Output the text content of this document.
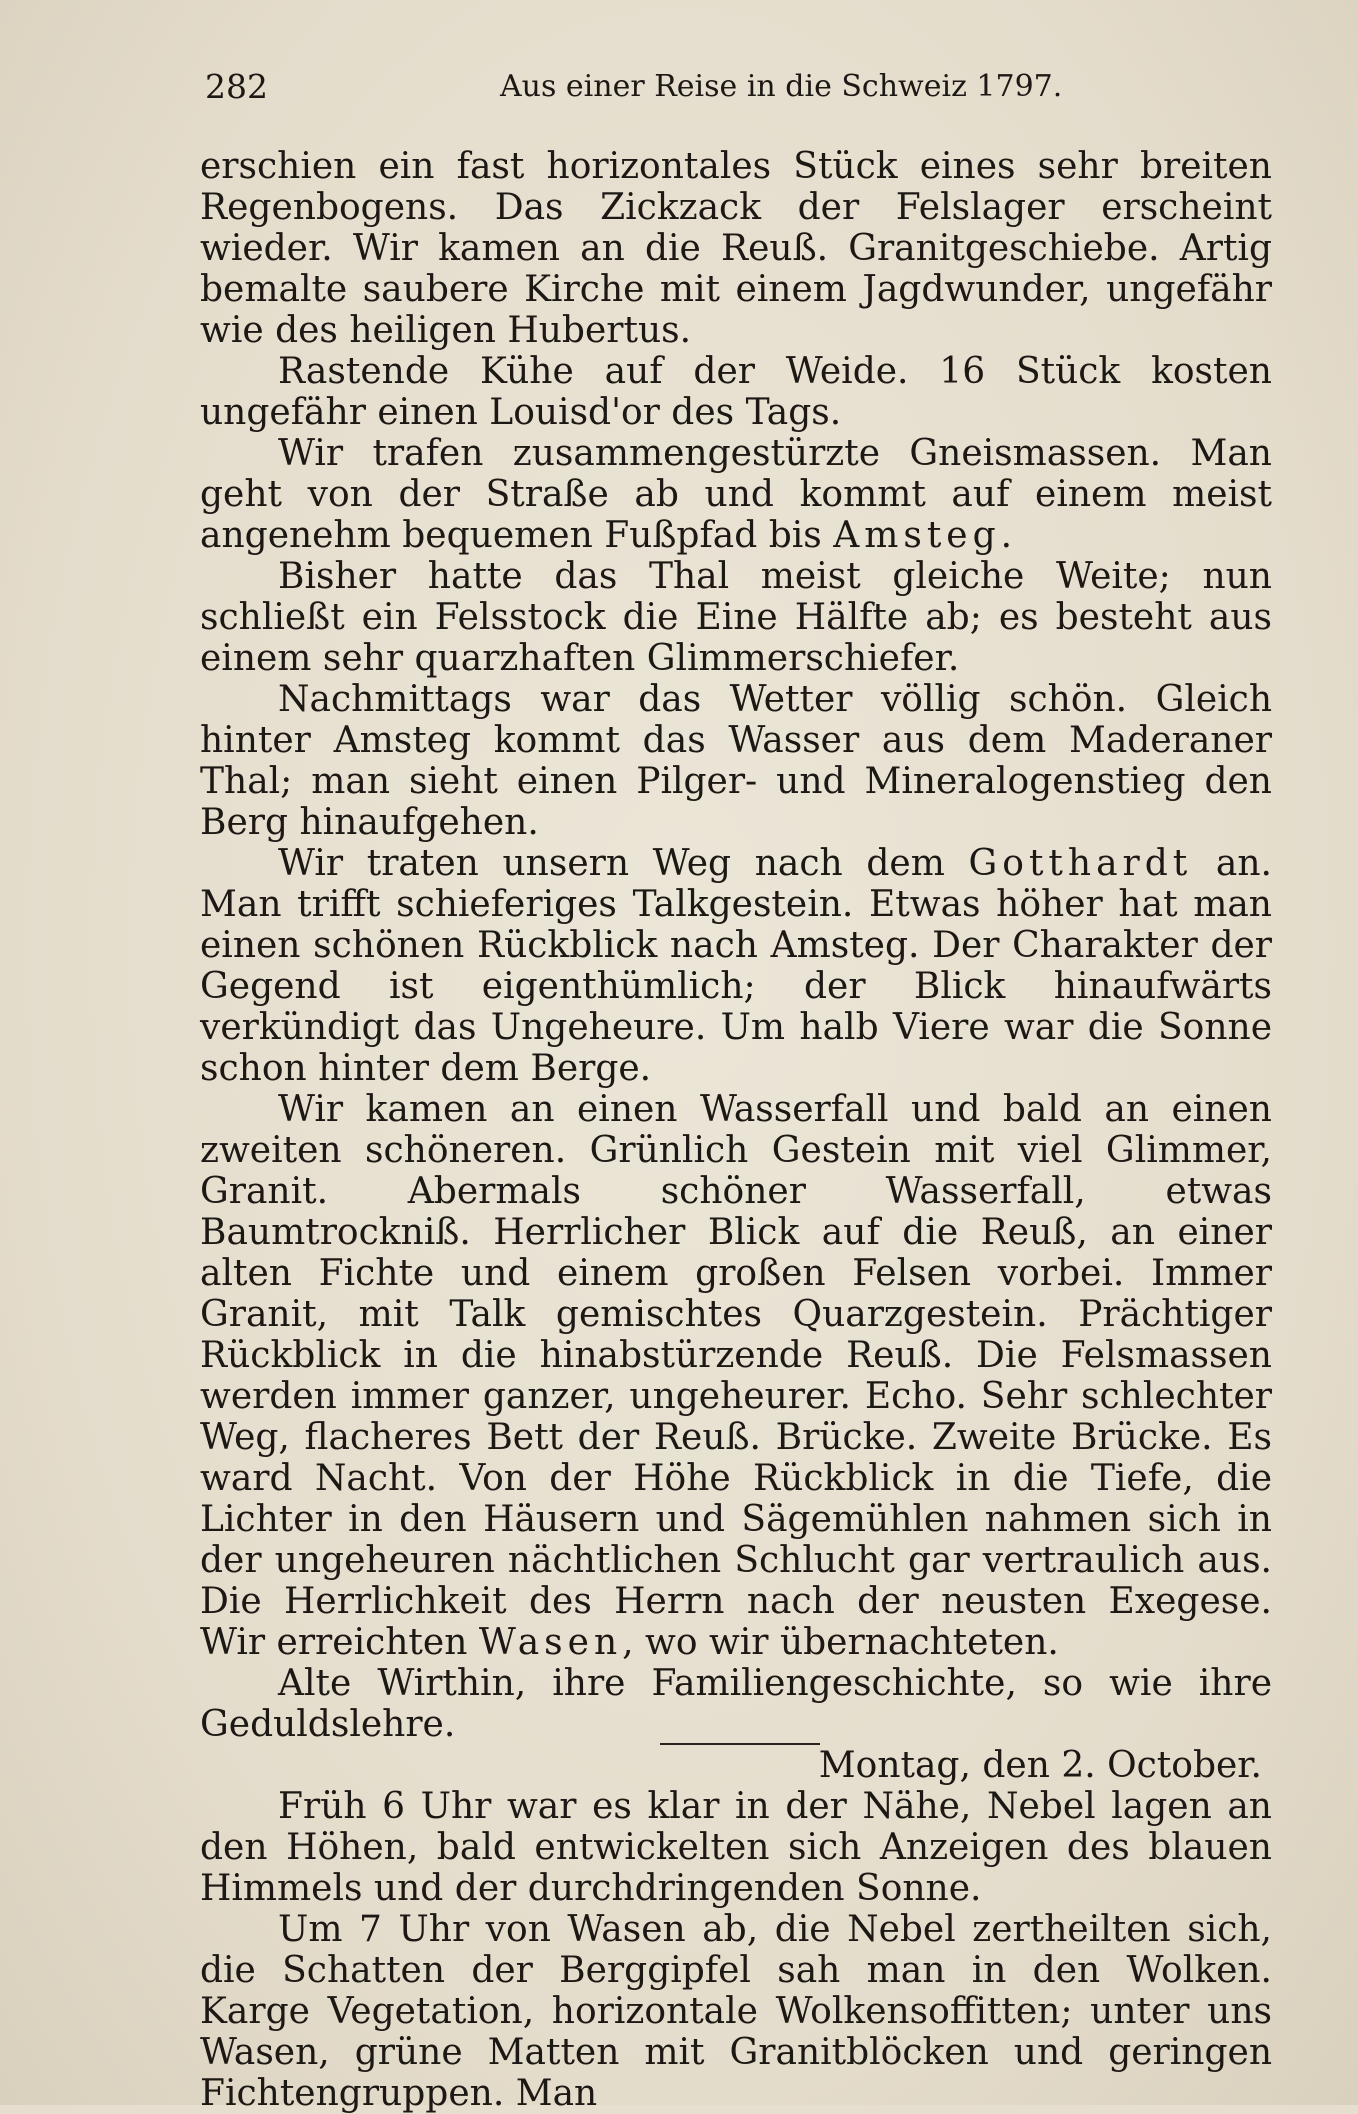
282	Aus einer Reise in die Schweiz 1797.

erschien ein fast horizontales Stück eines sehr breiten Regenbogens. Das Zickzack der Felslager erscheint wieder. Wir kamen an die Reuß. Granitgeschiebe. Artig bemalte saubere Kirche mit einem Jagdwunder, ungefähr wie des heiligen Hubertus.

Rastende Kühe auf der Weide. 16 Stück kosten ungefähr einen Louisd'or des Tags.

Wir trafen zusammengestürzte Gneismassen. Man geht von der Straße ab und kommt auf einem meist angenehm bequemen Fußpfad bis Amsteg.

Bisher hatte das Thal meist gleiche Weite; nun schließt ein Felsstock die Eine Hälfte ab; es besteht aus einem sehr quarzhaften Glimmerschiefer.

Nachmittags war das Wetter völlig schön. Gleich hinter Amsteg kommt das Wasser aus dem Maderaner Thal; man sieht einen Pilger- und Mineralogenstieg den Berg hinaufgehen.

Wir traten unsern Weg nach dem Gotthardt an. Man trifft schieferiges Talkgestein. Etwas höher hat man einen schönen Rückblick nach Amsteg. Der Charakter der Gegend ist eigenthümlich; der Blick hinaufwärts verkündigt das Ungeheure. Um halb Viere war die Sonne schon hinter dem Berge.

Wir kamen an einen Wasserfall und bald an einen zweiten schöneren. Grünlich Gestein mit viel Glimmer, Granit. Abermals schöner Wasserfall, etwas Baumtrockniß. Herrlicher Blick auf die Reuß, an einer alten Fichte und einem großen Felsen vorbei. Immer Granit, mit Talk gemischtes Quarzgestein. Prächtiger Rückblick in die hinabstürzende Reuß. Die Felsmassen werden immer ganzer, ungeheurer. Echo. Sehr schlechter Weg, flacheres Bett der Reuß. Brücke. Zweite Brücke. Es ward Nacht. Von der Höhe Rückblick in die Tiefe, die Lichter in den Häusern und Sägemühlen nahmen sich in der ungeheuren nächtlichen Schlucht gar vertraulich aus. Die Herrlichkeit des Herrn nach der neusten Exegese. Wir erreichten Wasen, wo wir übernachteten.

Alte Wirthin, ihre Familiengeschichte, so wie ihre Geduldslehre.

Montag, den 2. October.

Früh 6 Uhr war es klar in der Nähe, Nebel lagen an den Höhen, bald entwickelten sich Anzeigen des blauen Himmels und der durchdringenden Sonne.

Um 7 Uhr von Wasen ab, die Nebel zertheilten sich, die Schatten der Berggipfel sah man in den Wolken. Karge Vegetation, horizontale Wolkensoffitten; unter uns Wasen, grüne Matten mit Granitblöcken und geringen Fichtengruppen. Man
